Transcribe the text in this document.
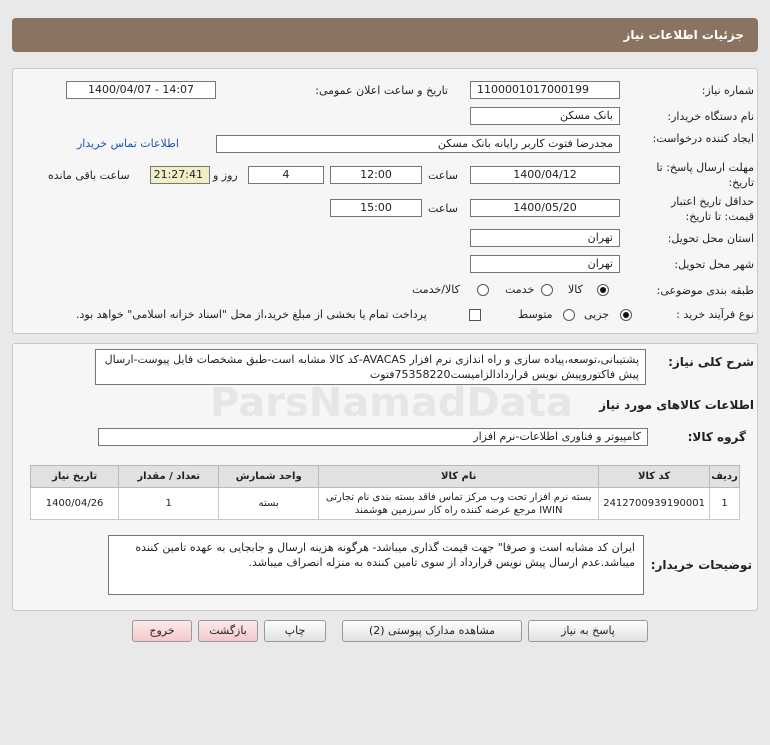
جزئیات اطلاعات نیاز
شماره نیاز:
1100001017000199
تاریخ و ساعت اعلان عمومی:
1400/04/07 - 14:07
نام دستگاه خریدار:
بانک مسکن
ایجاد کننده درخواست:
مجدرضا فتوت کاربر رایانه بانک مسکن
اطلاعات تماس خریدار
مهلت ارسال پاسخ: تا تاریخ:
1400/04/12
ساعت
12:00
4
روز و
21:27:41
ساعت باقی مانده
حداقل تاریخ اعتبار قیمت: تا تاریخ:
1400/05/20
ساعت
15:00
استان محل تحویل:
تهران
شهر محل تحویل:
تهران
طبقه بندی موضوعی:
کالا
خدمت
کالا/خدمت
نوع فرآیند خرید :
جزیی
متوسط
پرداخت تمام یا بخشی از مبلغ خرید،از محل "اسناد خزانه اسلامی" خواهد بود.
شرح کلی نیاز:
پشتیبانی،توسعه،پیاده سازی و راه اندازی نرم افزار AVACAS-کد کالا مشابه است-طبق مشخصات فایل پیوست-ارسال پیش فاکتوروپیش نویس قراردادالزامیست75358220فتوت
اطلاعات کالاهای مورد نیاز
گروه کالا:
کامپیوتر و فناوری اطلاعات-نرم افزار
ردیف	کد کالا	نام کالا	واحد شمارش	تعداد / مقدار	تاریخ نیاز
1	2412700939190001	بسته نرم افزار تحت وب مرکز تماس فاقد بسته بندی نام تجارتی IWIN مرجع عرضه کننده راه کار سرزمین هوشمند	بسته	1	1400/04/26
توضیحات خریدار:
ایران کد مشابه است و صرفا" جهت قیمت گذاری میباشد- هرگونه هزینه ارسال و جابجایی به عهده تامین کننده میباشد.عدم ارسال پیش نویس قرارداد از سوی تامین کننده به منزله انصراف میباشد.
پاسخ به نیاز
مشاهده مدارک پیوستی (2)
چاپ
بازگشت
خروج
